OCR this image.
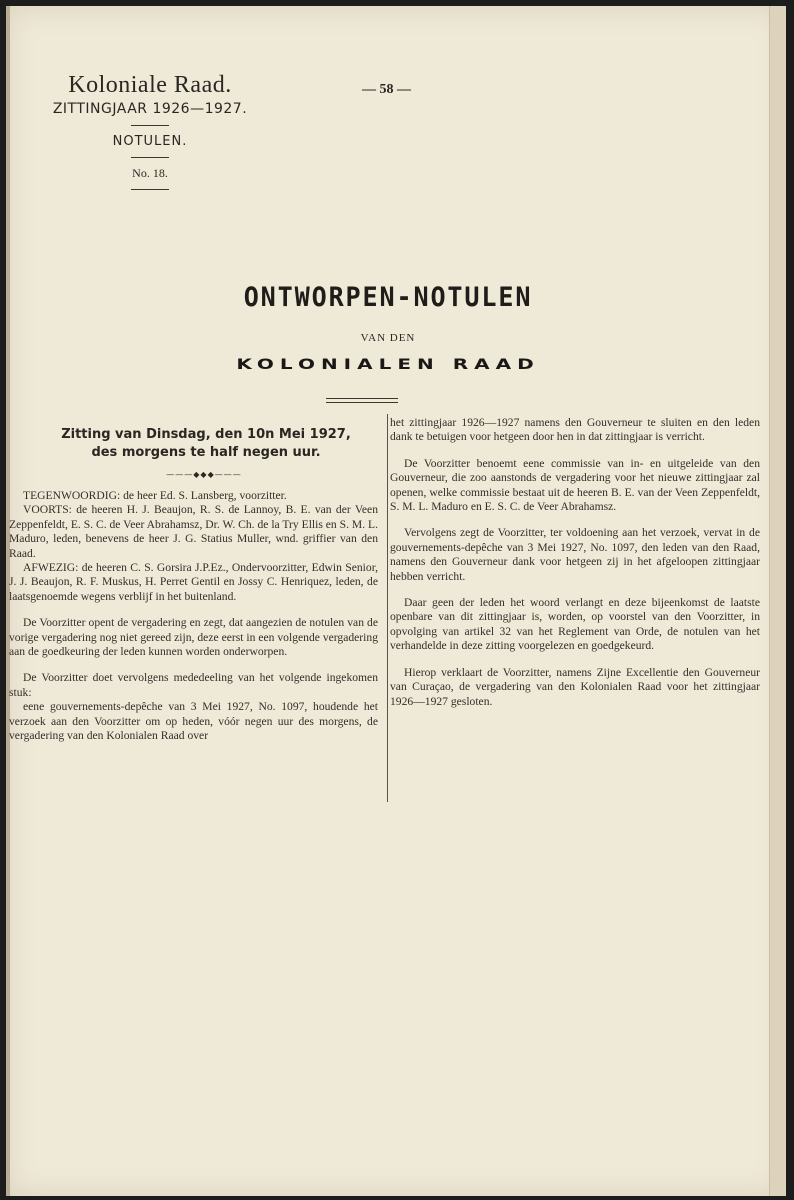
Koloniale Raad.
ZITTINGJAAR 1926—1927.
NOTULEN.
No. 18.
— 58 —
ONTWORPEN-NOTULEN
VAN DEN
KOLONIALEN RAAD
Zitting van Dinsdag, den 10n Mei 1927,
des morgens te half negen uur.
———◆◆◆———

TEGENWOORDIG: de heer Ed. S. Lansberg, voorzitter.

VOORTS: de heeren H. J. Beaujon, R. S. de Lannoy, B. E. van der Veen Zeppenfeldt, E. S. C. de Veer Abrahamsz, Dr. W. Ch. de la Try Ellis en S. M. L. Maduro, leden, benevens de heer J. G. Statius Muller, wnd. griffier van den Raad.

AFWEZIG: de heeren C. S. Gorsira J.P.Ez., Ondervoorzitter, Edwin Senior, J. J. Beaujon, R. F. Muskus, H. Perret Gentil en Jossy C. Henriquez, leden, de laatsgenoemde wegens verblijf in het buitenland.

De Voorzitter opent de vergadering en zegt, dat aangezien de notulen van de vorige vergadering nog niet gereed zijn, deze eerst in een volgende vergadering aan de goedkeuring der leden kunnen worden onderworpen.

De Voorzitter doet vervolgens mededeeling van het volgende ingekomen stuk:

eene gouvernements-depêche van 3 Mei 1927, No. 1097, houdende het verzoek aan den Voorzitter om op heden, vóór negen uur des morgens, de vergadering van den Kolonialen Raad over

het zittingjaar 1926—1927 namens den Gouverneur te sluiten en den leden dank te betuigen voor hetgeen door hen in dat zittingjaar is verricht.

De Voorzitter benoemt eene commissie van in- en uitgeleide van den Gouverneur, die zoo aanstonds de vergadering voor het nieuwe zittingjaar zal openen, welke commissie bestaat uit de heeren B. E. van der Veen Zeppenfeldt, S. M. L. Maduro en E. S. C. de Veer Abrahamsz.

Vervolgens zegt de Voorzitter, ter voldoening aan het verzoek, vervat in de gouvernements-depêche van 3 Mei 1927, No. 1097, den leden van den Raad, namens den Gouverneur dank voor hetgeen zij in het afgeloopen zittingjaar hebben verricht.

Daar geen der leden het woord verlangt en deze bijeenkomst de laatste openbare van dit zittingjaar is, worden, op voorstel van den Voorzitter, in opvolging van artikel 32 van het Reglement van Orde, de notulen van het verhandelde in deze zitting voorgelezen en goedgekeurd.

Hierop verklaart de Voorzitter, namens Zijne Excellentie den Gouverneur van Curaçao, de vergadering van den Kolonialen Raad voor het zittingjaar 1926—1927 gesloten.
